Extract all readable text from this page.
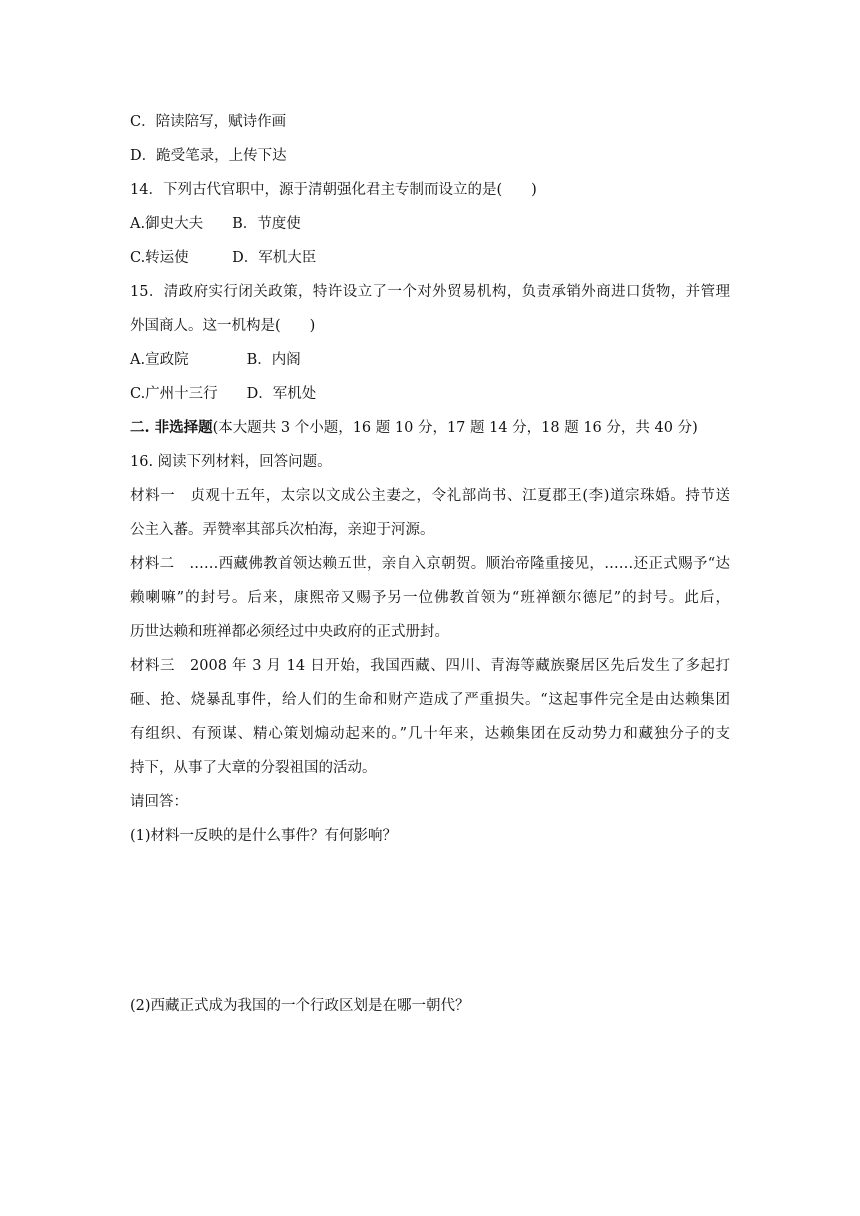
C．陪读陪写，赋诗作画
D．跪受笔录，上传下达
14．下列古代官职中，源于清朝强化君主专制而设立的是(　　)
A.御史大夫　　B．节度使
C.转运使　　　D．军机大臣
15．清政府实行闭关政策，特许设立了一个对外贸易机构，负责承销外商进口货物，并管理
外国商人。这一机构是(　　)
A.宣政院　　　　B．内阁
C.广州十三行　　D．军机处
二. 非选择题(本大题共 3 个小题，16 题 10 分，17 题 14 分，18 题 16 分，共 40 分)
16. 阅读下列材料，回答问题。
材料一　贞观十五年，太宗以文成公主妻之，令礼部尚书、江夏郡王(李)道宗珠婚。持节送
公主入蕃。弄赞率其部兵次柏海，亲迎于河源。
材料二　……西藏佛教首领达赖五世，亲自入京朝贺。顺治帝隆重接见，……还正式赐予“达
赖喇嘛”的封号。后来，康熙帝又赐予另一位佛教首领为“班禅额尔德尼”的封号。此后，
历世达赖和班禅都必须经过中央政府的正式册封。
材料三　2008 年 3 月 14 日开始，我国西藏、四川、青海等藏族聚居区先后发生了多起打
砸、抢、烧暴乱事件，给人们的生命和财产造成了严重损失。“这起事件完全是由达赖集团
有组织、有预谋、精心策划煽动起来的。”几十年来，达赖集团在反动势力和藏独分子的支
持下，从事了大章的分裂祖国的活动。
请回答：
(1)材料一反映的是什么事件？有何影响？
(2)西藏正式成为我国的一个行政区划是在哪一朝代？
